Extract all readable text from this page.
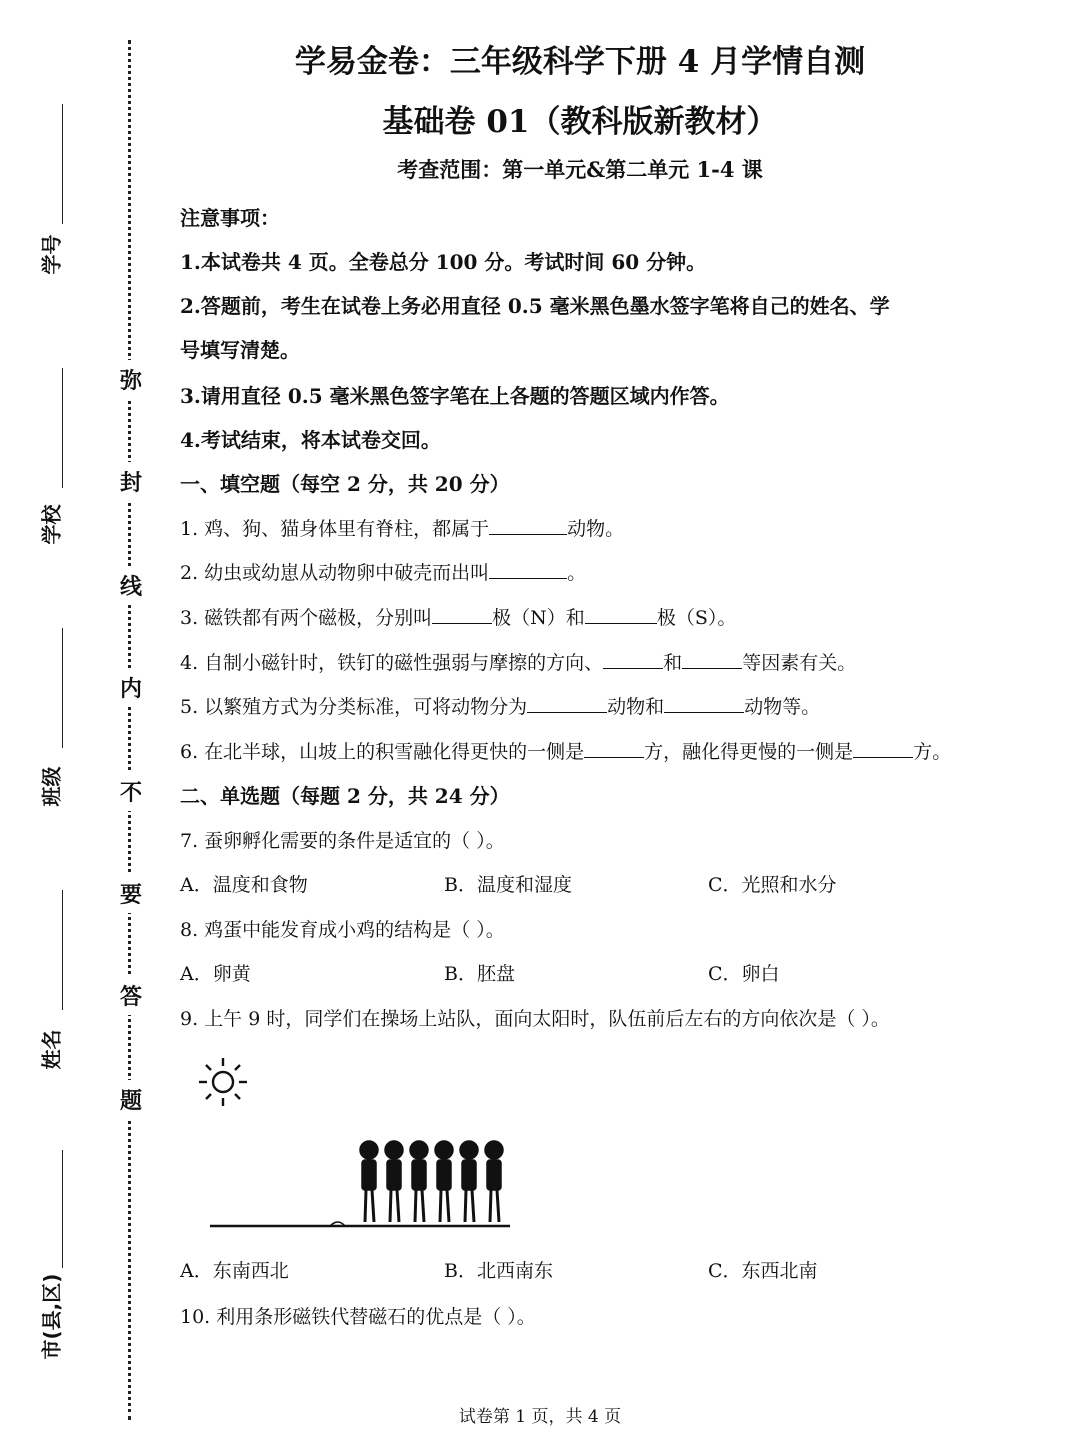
学号
学校
班级
姓名
市(县,区)
弥
封
线
内
不
要
答
题
学易金卷：三年级科学下册 4 月学情自测
基础卷 01（教科版新教材）
考查范围：第一单元&第二单元 1-4 课
注意事项：
1.本试卷共 4 页。全卷总分 100 分。考试时间 60 分钟。
2.答题前，考生在试卷上务必用直径 0.5 毫米黑色墨水签字笔将自己的姓名、学
号填写清楚。
3.请用直径 0.5 毫米黑色签字笔在上各题的答题区域内作答。
4.考试结束，将本试卷交回。
一、填空题（每空 2 分，共 20 分）
1. 鸡、狗、猫身体里有脊柱，都属于	动物。
2. 幼虫或幼崽从动物卵中破壳而出叫	。
3. 磁铁都有两个磁极，分别叫	极（N）和	极（S）。
4. 自制小磁针时，铁钉的磁性强弱与摩擦的方向、	和	等因素有关。
5. 以繁殖方式为分类标准，可将动物分为	动物和	动物等。
6. 在北半球，山坡上的积雪融化得更快的一侧是	方，融化得更慢的一侧是	方。
二、单选题（每题 2 分，共 24 分）
7. 蚕卵孵化需要的条件是适宜的（ ）。
A．温度和食物	B．温度和湿度	C．光照和水分
8. 鸡蛋中能发育成小鸡的结构是（ ）。
A．卵黄	B．胚盘	C．卵白
9. 上午 9 时，同学们在操场上站队，面向太阳时，队伍前后左右的方向依次是（ ）。
A．东南西北	B．北西南东	C．东西北南
10. 利用条形磁铁代替磁石的优点是（ ）。
试卷第 1 页，共 4 页
